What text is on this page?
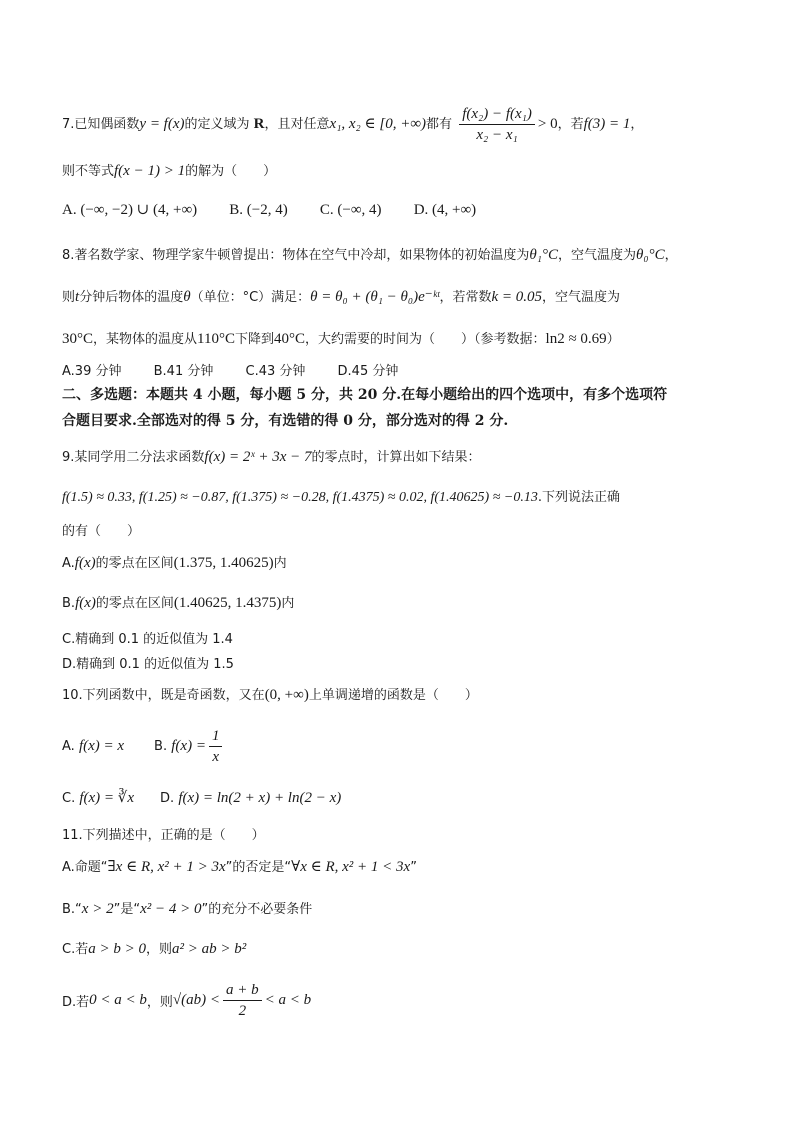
7.已知偶函数y = f(x)的定义域为 R，且对任意x₁, x₂ ∈ [0, +∞)都有 $\frac{\text{f(x₂) − f(x₁)}}{\text{x₂ − x₁}} > 0$，若f(3) = 1，
则不等式f(x − 1) > 1的解为（　　）
A. (−∞, −2) ∪ (4, +∞) B. (−2, 4) C. (−∞, 4) D. (4, +∞)
8.著名数学家、物理学家牛顿曾提出：物体在空气中冷却，如果物体的初始温度为θ₁°C，空气温度为θ₀°C，
则t分钟后物体的温度θ（单位：°C）满足：θ = θ₀ + (θ₁ − θ₀)e⁻ᵏᵗ，若常数k = 0.05，空气温度为
30°C，某物体的温度从110°C下降到40°C，大约需要的时间为（　　）（参考数据：ln2 ≈ 0.69）
A.39 分钟 B.41 分钟 C.43 分钟 D.45 分钟
二、多选题：本题共 4 小题，每小题 5 分，共 20 分.在每小题给出的四个选项中，有多个选项符
合题目要求.全部选对的得 5 分，有选错的得 0 分，部分选对的得 2 分.
9.某同学用二分法求函数f(x) = 2ˣ + 3x − 7的零点时，计算出如下结果：
f(1.5) ≈ 0.33, f(1.25) ≈ −0.87, f(1.375) ≈ −0.28, f(1.4375) ≈ 0.02, f(1.40625) ≈ −0.13.下列说法正确
的有（　　）
A.f(x)的零点在区间(1.375, 1.40625)内
B.f(x)的零点在区间(1.40625, 1.4375)内
C.精确到 0.1 的近似值为 1.4
D.精确到 0.1 的近似值为 1.5
10.下列函数中，既是奇函数，又在(0, +∞)上单调递增的函数是（　　）
A. f(x) = x B. $f(x) = \frac{1}{x}$
C. f(x) = ∛x D. f(x) = ln(2 + x) + ln(2 − x)
11.下列描述中，正确的是（　　）
A.命题“∃x ∈ R, x² + 1 > 3x”的否定是“∀x ∈ R, x² + 1 < 3x”
B.“x > 2”是“x² − 4 > 0”的充分不必要条件
C.若a > b > 0，则a² > ab > b²
D.若0 < a < b，则$√(ab) < \frac{a + b}{2} < a < b$
